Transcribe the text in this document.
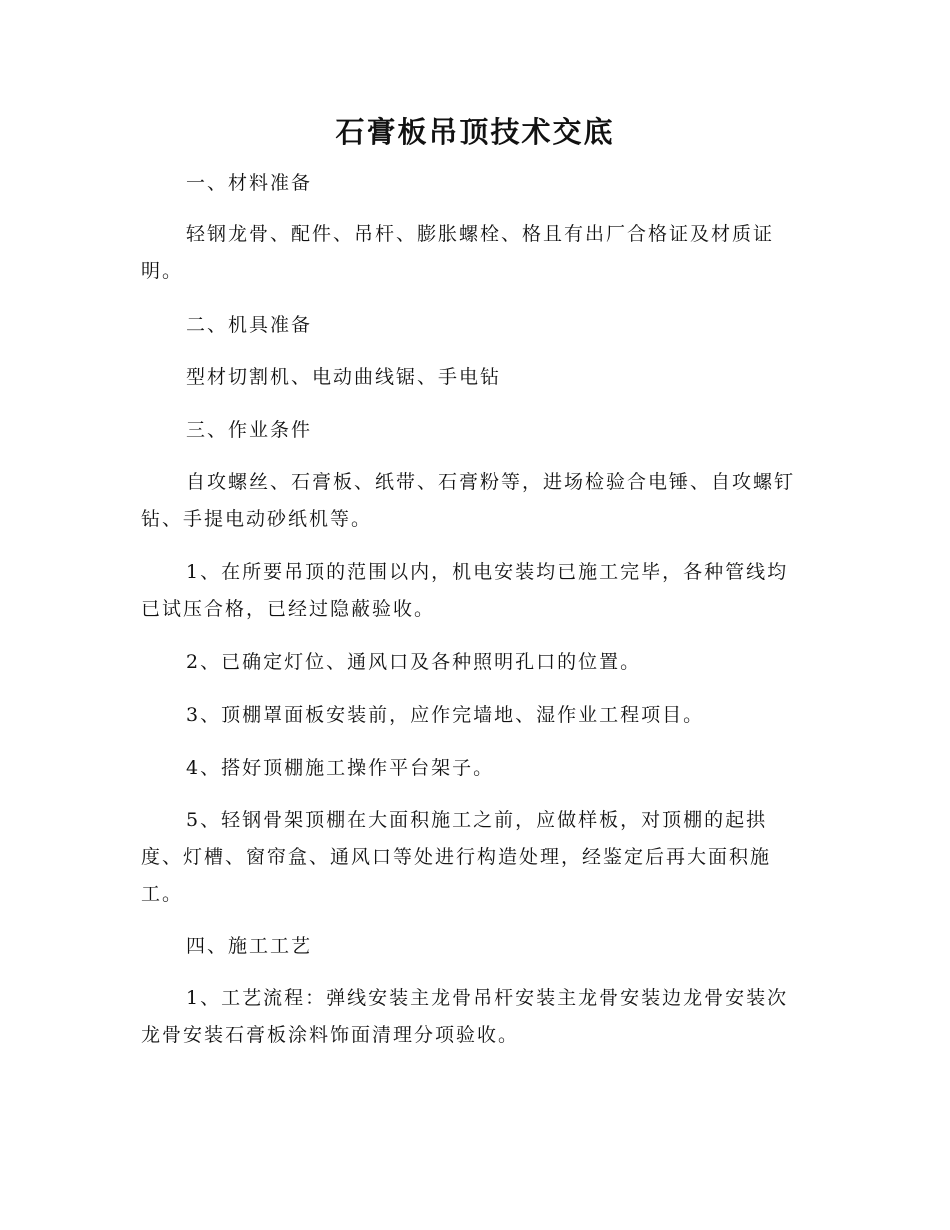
石膏板吊顶技术交底

一、材料准备

轻钢龙骨、配件、吊杆、膨胀螺栓、格且有出厂合格证及材质证明。

二、机具准备

型材切割机、电动曲线锯、手电钻

三、作业条件

自攻螺丝、石膏板、纸带、石膏粉等，进场检验合电锤、自攻螺钉钻、手提电动砂纸机等。

1、在所要吊顶的范围以内，机电安装均已施工完毕，各种管线均已试压合格，已经过隐蔽验收。

2、已确定灯位、通风口及各种照明孔口的位置。

3、顶棚罩面板安装前，应作完墙地、湿作业工程项目。

4、搭好顶棚施工操作平台架子。

5、轻钢骨架顶棚在大面积施工之前，应做样板，对顶棚的起拱度、灯槽、窗帘盒、通风口等处进行构造处理，经鉴定后再大面积施工。

四、施工工艺

1、工艺流程：弹线安装主龙骨吊杆安装主龙骨安装边龙骨安装次龙骨安装石膏板涂料饰面清理分项验收。
